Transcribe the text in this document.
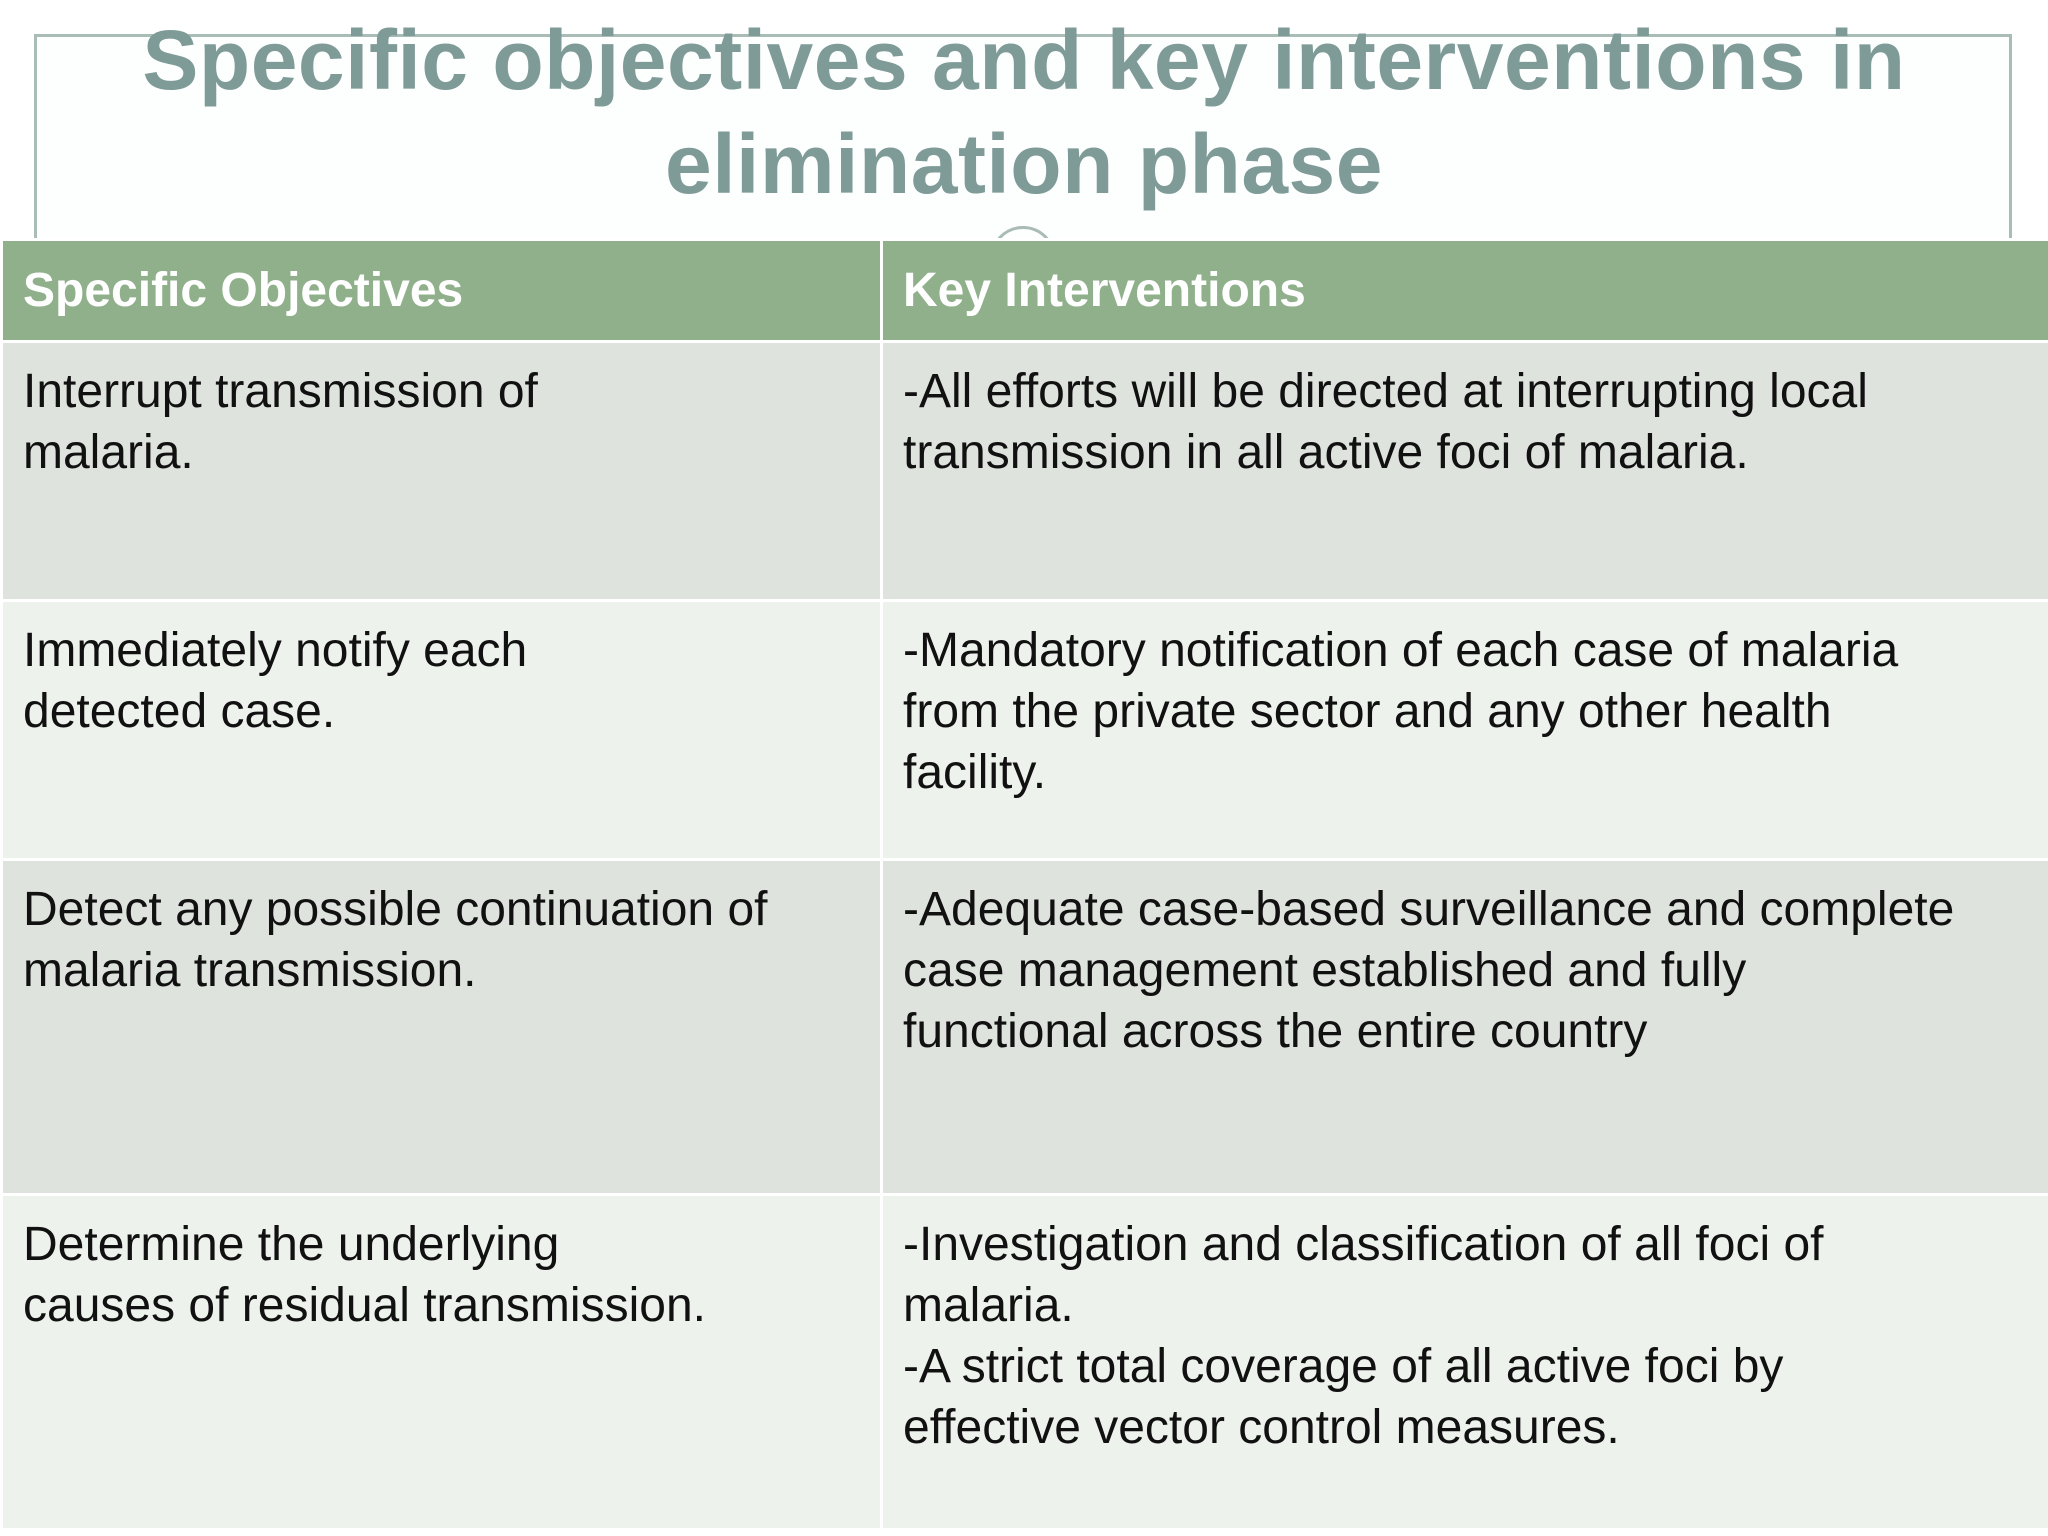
Specific objectives and key interventions in
elimination phase
Specific Objectives	Key Interventions

Interrupt transmission of
malaria.	-All efforts will be directed at interrupting local
transmission in all active foci of malaria.

Immediately notify each
detected case.	-Mandatory notification of each case of malaria
from the private sector and any other health
facility.

Detect any possible continuation of
malaria transmission.	-Adequate case-based surveillance and complete
case management established and fully
functional across the entire country

Determine the underlying
causes of residual transmission.	-Investigation and classification of all foci of
malaria.
-A strict total coverage of all active foci by
effective vector control measures.
